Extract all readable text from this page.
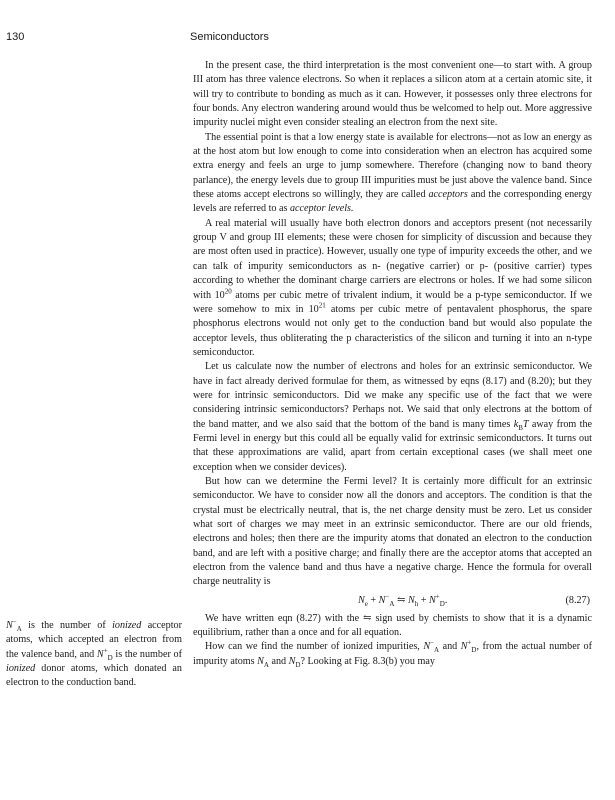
130	Semiconductors

In the present case, the third interpretation is the most convenient one—to start with. A group III atom has three valence electrons. So when it replaces a silicon atom at a certain atomic site, it will try to contribute to bonding as much as it can. However, it possesses only three electrons for four bonds. Any electron wandering around would thus be welcomed to help out. More aggressive impurity nuclei might even consider stealing an electron from the next site.

The essential point is that a low energy state is available for electrons—not as low an energy as at the host atom but low enough to come into consideration when an electron has acquired some extra energy and feels an urge to jump somewhere. Therefore (changing now to band theory parlance), the energy levels due to group III impurities must be just above the valence band. Since these atoms accept electrons so willingly, they are called acceptors and the corresponding energy levels are referred to as acceptor levels.

A real material will usually have both electron donors and acceptors present (not necessarily group V and group III elements; these were chosen for simplicity of discussion and because they are most often used in practice). However, usually one type of impurity exceeds the other, and we can talk of impurity semiconductors as n- (negative carrier) or p- (positive carrier) types according to whether the dominant charge carriers are electrons or holes. If we had some silicon with $10^{20}$ atoms per cubic metre of trivalent indium, it would be a p-type semiconductor. If we were somehow to mix in $10^{21}$ atoms per cubic metre of pentavalent phosphorus, the spare phosphorus electrons would not only get to the conduction band but would also populate the acceptor levels, thus obliterating the p characteristics of the silicon and turning it into an n-type semiconductor.

Let us calculate now the number of electrons and holes for an extrinsic semiconductor. We have in fact already derived formulae for them, as witnessed by eqns (8.17) and (8.20); but they were for intrinsic semiconductors. Did we make any specific use of the fact that we were considering intrinsic semiconductors? Perhaps not. We said that only electrons at the bottom of the band matter, and we also said that the bottom of the band is many times $k_BT$ away from the Fermi level in energy but this could all be equally valid for extrinsic semiconductors. It turns out that these approximations are valid, apart from certain exceptional cases (we shall meet one exception when we consider devices).

But how can we determine the Fermi level? It is certainly more difficult for an extrinsic semiconductor. We have to consider now all the donors and acceptors. The condition is that the crystal must be electrically neutral, that is, the net charge density must be zero. Let us consider what sort of charges we may meet in an extrinsic semiconductor. There are our old friends, electrons and holes; then there are the impurity atoms that donated an electron to the conduction band, and are left with a positive charge; and finally there are the acceptor atoms that accepted an electron from the valence band and thus have a negative charge. Hence the formula for overall charge neutrality is

$N_e + N^-_A$ ⇋ $N_h + N^+_D$.	(8.27)

We have written eqn (8.27) with the ⇋ sign used by chemists to show that it is a dynamic equilibrium, rather than a once and for all equation.

How can we find the number of ionized impurities, $N^-_A$ and $N^+_D$, from the actual number of impurity atoms $N_A$ and $N_D$? Looking at Fig. 8.3(b) you may

$N^-_A$ is the number of ionized acceptor atoms, which accepted an electron from the valence band, and $N^+_D$ is the number of ionized donor atoms, which donated an electron to the conduction band.
